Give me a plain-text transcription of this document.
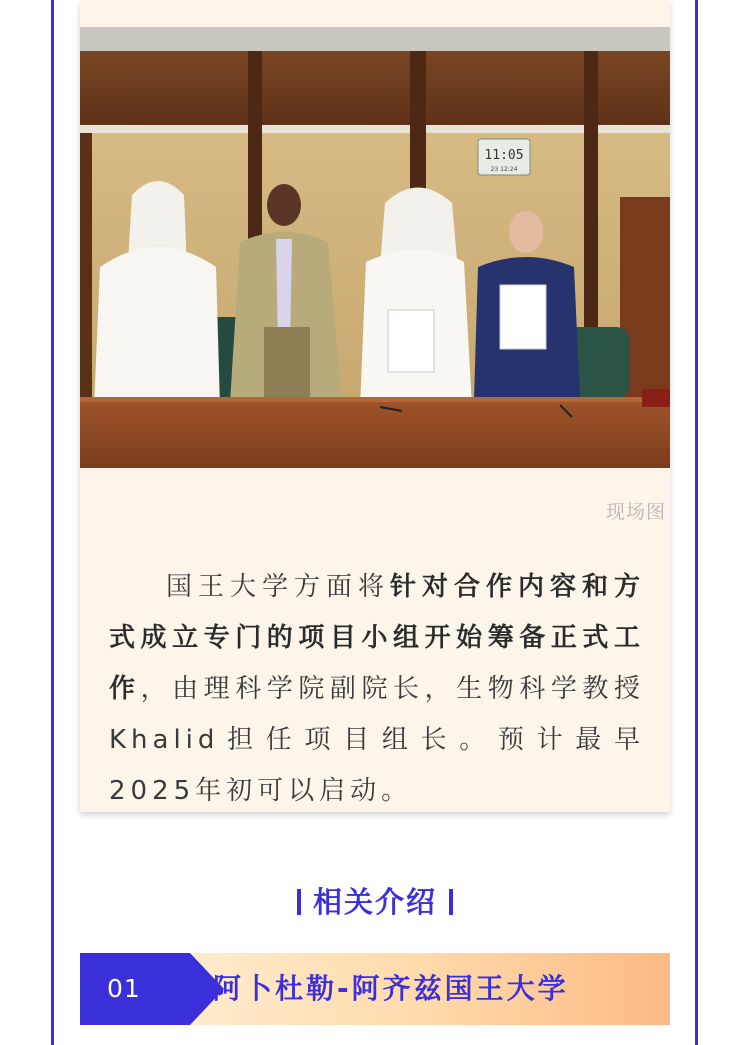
11:05
23 12:24
现场图
国王大学方面将针对合作内容和方式成立专门的项目小组开始筹备正式工作，由理科学院副院长，生物科学教授Khalid担任项目组长。预计最早2025年初可以启动。
相关介绍
01	阿卜杜勒-阿齐兹国王大学
